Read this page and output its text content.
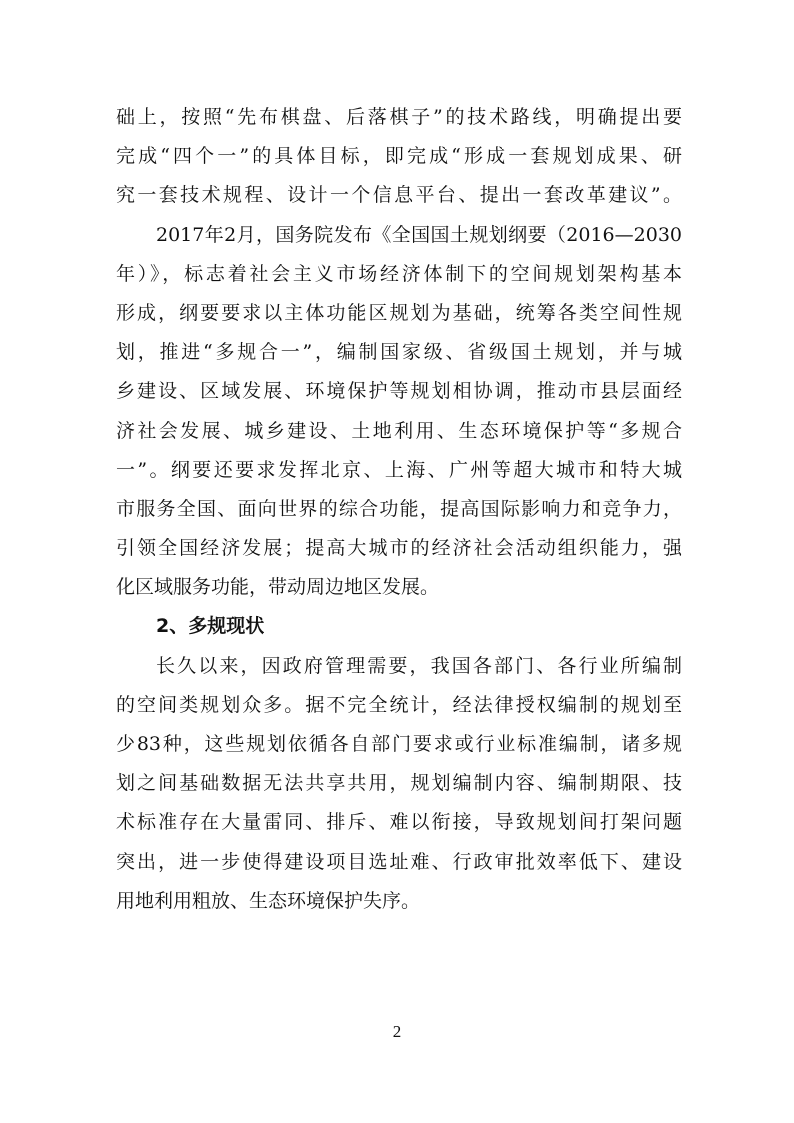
础上，按照“先布棋盘、后落棋子”的技术路线，明确提出要
完成“四个一”的具体目标，即完成“形成一套规划成果、研
究一套技术规程、设计一个信息平台、提出一套改革建议”。
2017年2月，国务院发布《全国国土规划纲要（2016—2030
年）》，标志着社会主义市场经济体制下的空间规划架构基本
形成，纲要要求以主体功能区规划为基础，统筹各类空间性规
划，推进“多规合一”，编制国家级、省级国土规划，并与城
乡建设、区域发展、环境保护等规划相协调，推动市县层面经
济社会发展、城乡建设、土地利用、生态环境保护等“多规合
一”。纲要还要求发挥北京、上海、广州等超大城市和特大城
市服务全国、面向世界的综合功能，提高国际影响力和竞争力，
引领全国经济发展；提高大城市的经济社会活动组织能力，强
化区域服务功能，带动周边地区发展。
2、多规现状
长久以来，因政府管理需要，我国各部门、各行业所编制
的空间类规划众多。据不完全统计，经法律授权编制的规划至
少83种，这些规划依循各自部门要求或行业标准编制，诸多规
划之间基础数据无法共享共用，规划编制内容、编制期限、技
术标准存在大量雷同、排斥、难以衔接，导致规划间打架问题
突出，进一步使得建设项目选址难、行政审批效率低下、建设
用地利用粗放、生态环境保护失序。
2
